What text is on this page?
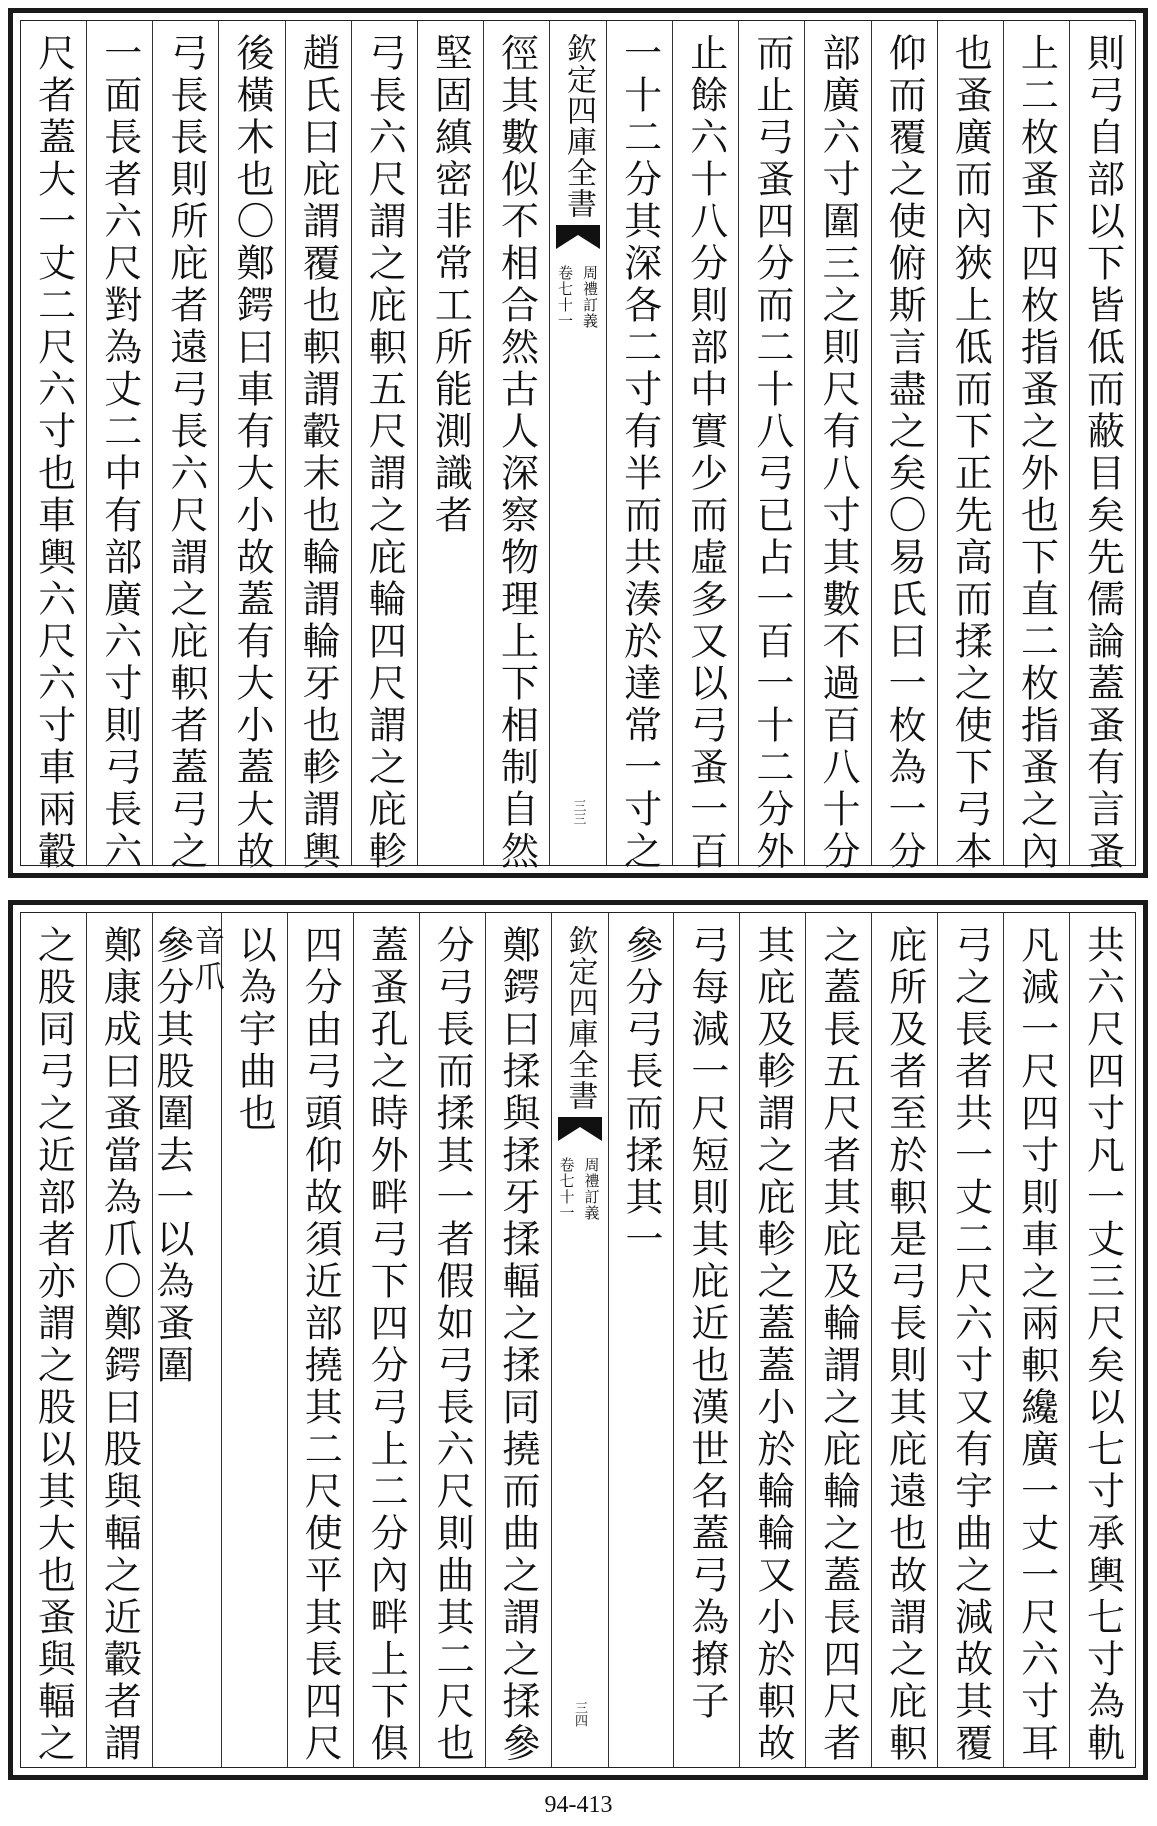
則弓自部以下皆低而蔽目矣先儒論蓋蚤有言蚤
上二枚蚤下四枚指蚤之外也下直二枚指蚤之內
也蚤廣而內狹上低而下正先高而揉之使下弓本
仰而覆之使俯斯言盡之矣〇易氏曰一枚為一分
部廣六寸圍三之則尺有八寸其數不過百八十分
而止弓蚤四分而二十八弓已占一百一十二分外
止餘六十八分則部中實少而虛多又以弓蚤一百
一十二分其深各二寸有半而共湊於達常一寸之
欽定四庫全書
周禮訂義
卷七十一
三三
徑其數似不相合然古人深察物理上下相制自然
堅固縝密非常工所能測識者
弓長六尺謂之庇軹五尺謂之庇輪四尺謂之庇軫
趙氏曰庇謂覆也軹謂轂末也輪謂輪牙也軫謂輿
後橫木也〇鄭鍔曰車有大小故蓋有大小蓋大故
弓長長則所庇者遠弓長六尺謂之庇軹者蓋弓之
一面長者六尺對為丈二中有部廣六寸則弓長六
尺者蓋大一丈二尺六寸也車輿六尺六寸車兩轂
共六尺四寸凡一丈三尺矣以七寸承輿七寸為軌
凡減一尺四寸則車之兩軹纔廣一丈一尺六寸耳
弓之長者共一丈二尺六寸又有宇曲之減故其覆
庇所及者至於軹是弓長則其庇遠也故謂之庇軹
之蓋長五尺者其庇及輪謂之庇輪之蓋長四尺者
其庇及軫謂之庇軫之蓋蓋小於輪輪又小於軹故
弓每減一尺短則其庇近也漢世名蓋弓為撩子
參分弓長而揉其一
欽定四庫全書
周禮訂義
卷七十一
三四
鄭鍔曰揉與揉牙揉輻之揉同撓而曲之謂之揉參
分弓長而揉其一者假如弓長六尺則曲其二尺也
蓋蚤孔之時外畔弓下四分弓上二分內畔上下俱
四分由弓頭仰故須近部撓其二尺使平其長四尺
以為宇曲也
參分其股圍去一以為蚤圍
音爪
鄭康成曰蚤當為爪〇鄭鍔曰股與輻之近轂者謂
之股同弓之近部者亦謂之股以其大也蚤與輻之
94-413
